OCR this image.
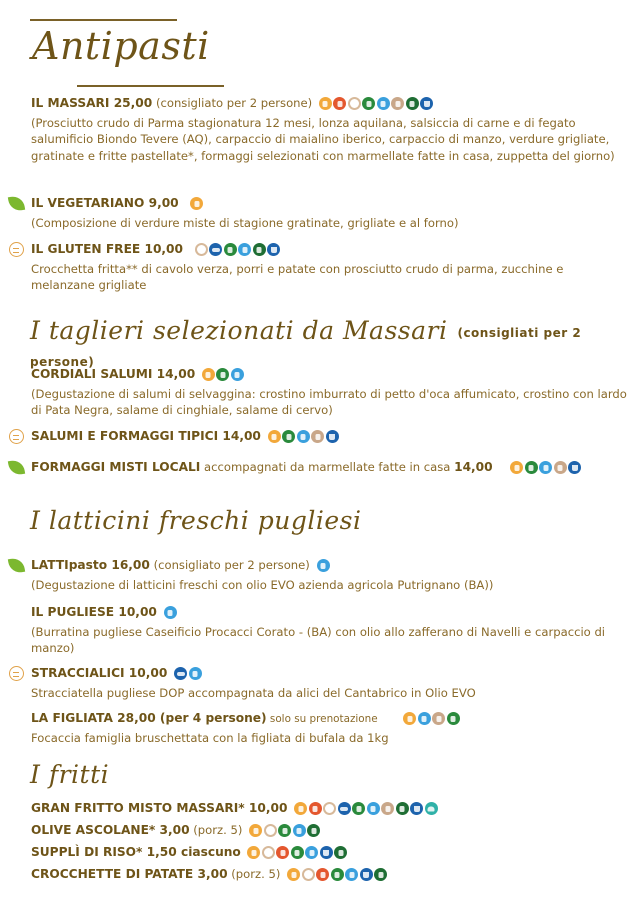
Antipasti
IL MASSARI 25,00 (consigliato per 2 persone)
(Prosciutto crudo di Parma stagionatura 12 mesi, lonza aquilana, salsiccia di carne e di fegato salumificio Biondo Tevere (AQ), carpaccio di maialino iberico, carpaccio di manzo, verdure grigliate, gratinate e fritte pastellate*, formaggi selezionati con marmellate fatte in casa, zuppetta del giorno)
IL VEGETARIANO 9,00
(Composizione di verdure miste di stagione gratinate, grigliate e al forno)
IL GLUTEN FREE 10,00
Crocchetta fritta** di cavolo verza, porri e patate con prosciutto crudo di parma, zucchine e melanzane grigliate
I taglieri selezionati da Massari (consigliati per 2 persone)
CORDIALI SALUMI 14,00
(Degustazione di salumi di selvaggina: crostino imburrato di petto d'oca affumicato, crostino con lardo di Pata Negra, salame di cinghiale, salame di cervo)
SALUMI E FORMAGGI TIPICI 14,00
FORMAGGI MISTI LOCALI accompagnati da marmellate fatte in casa 14,00
I latticini freschi pugliesi
LATTIpasto 16,00 (consigliato per 2 persone)
(Degustazione di latticini freschi con olio EVO azienda agricola Putrignano (BA))
IL PUGLIESE 10,00
(Burratina pugliese Caseificio Procacci Corato - (BA) con olio allo zafferano di Navelli e carpaccio di manzo)
STRACCIALICI 10,00
Stracciatella pugliese DOP accompagnata da alici del Cantabrico in Olio EVO
LA FIGLIATA 28,00 (per 4 persone) solo su prenotazione
Focaccia famiglia bruschettata con la figliata di bufala da 1kg
I fritti
GRAN FRITTO MISTO MASSARI* 10,00
OLIVE ASCOLANE* 3,00 (porz. 5)
SUPPLÌ DI RISO* 1,50 ciascuno
CROCCHETTE DI PATATE 3,00 (porz. 5)
